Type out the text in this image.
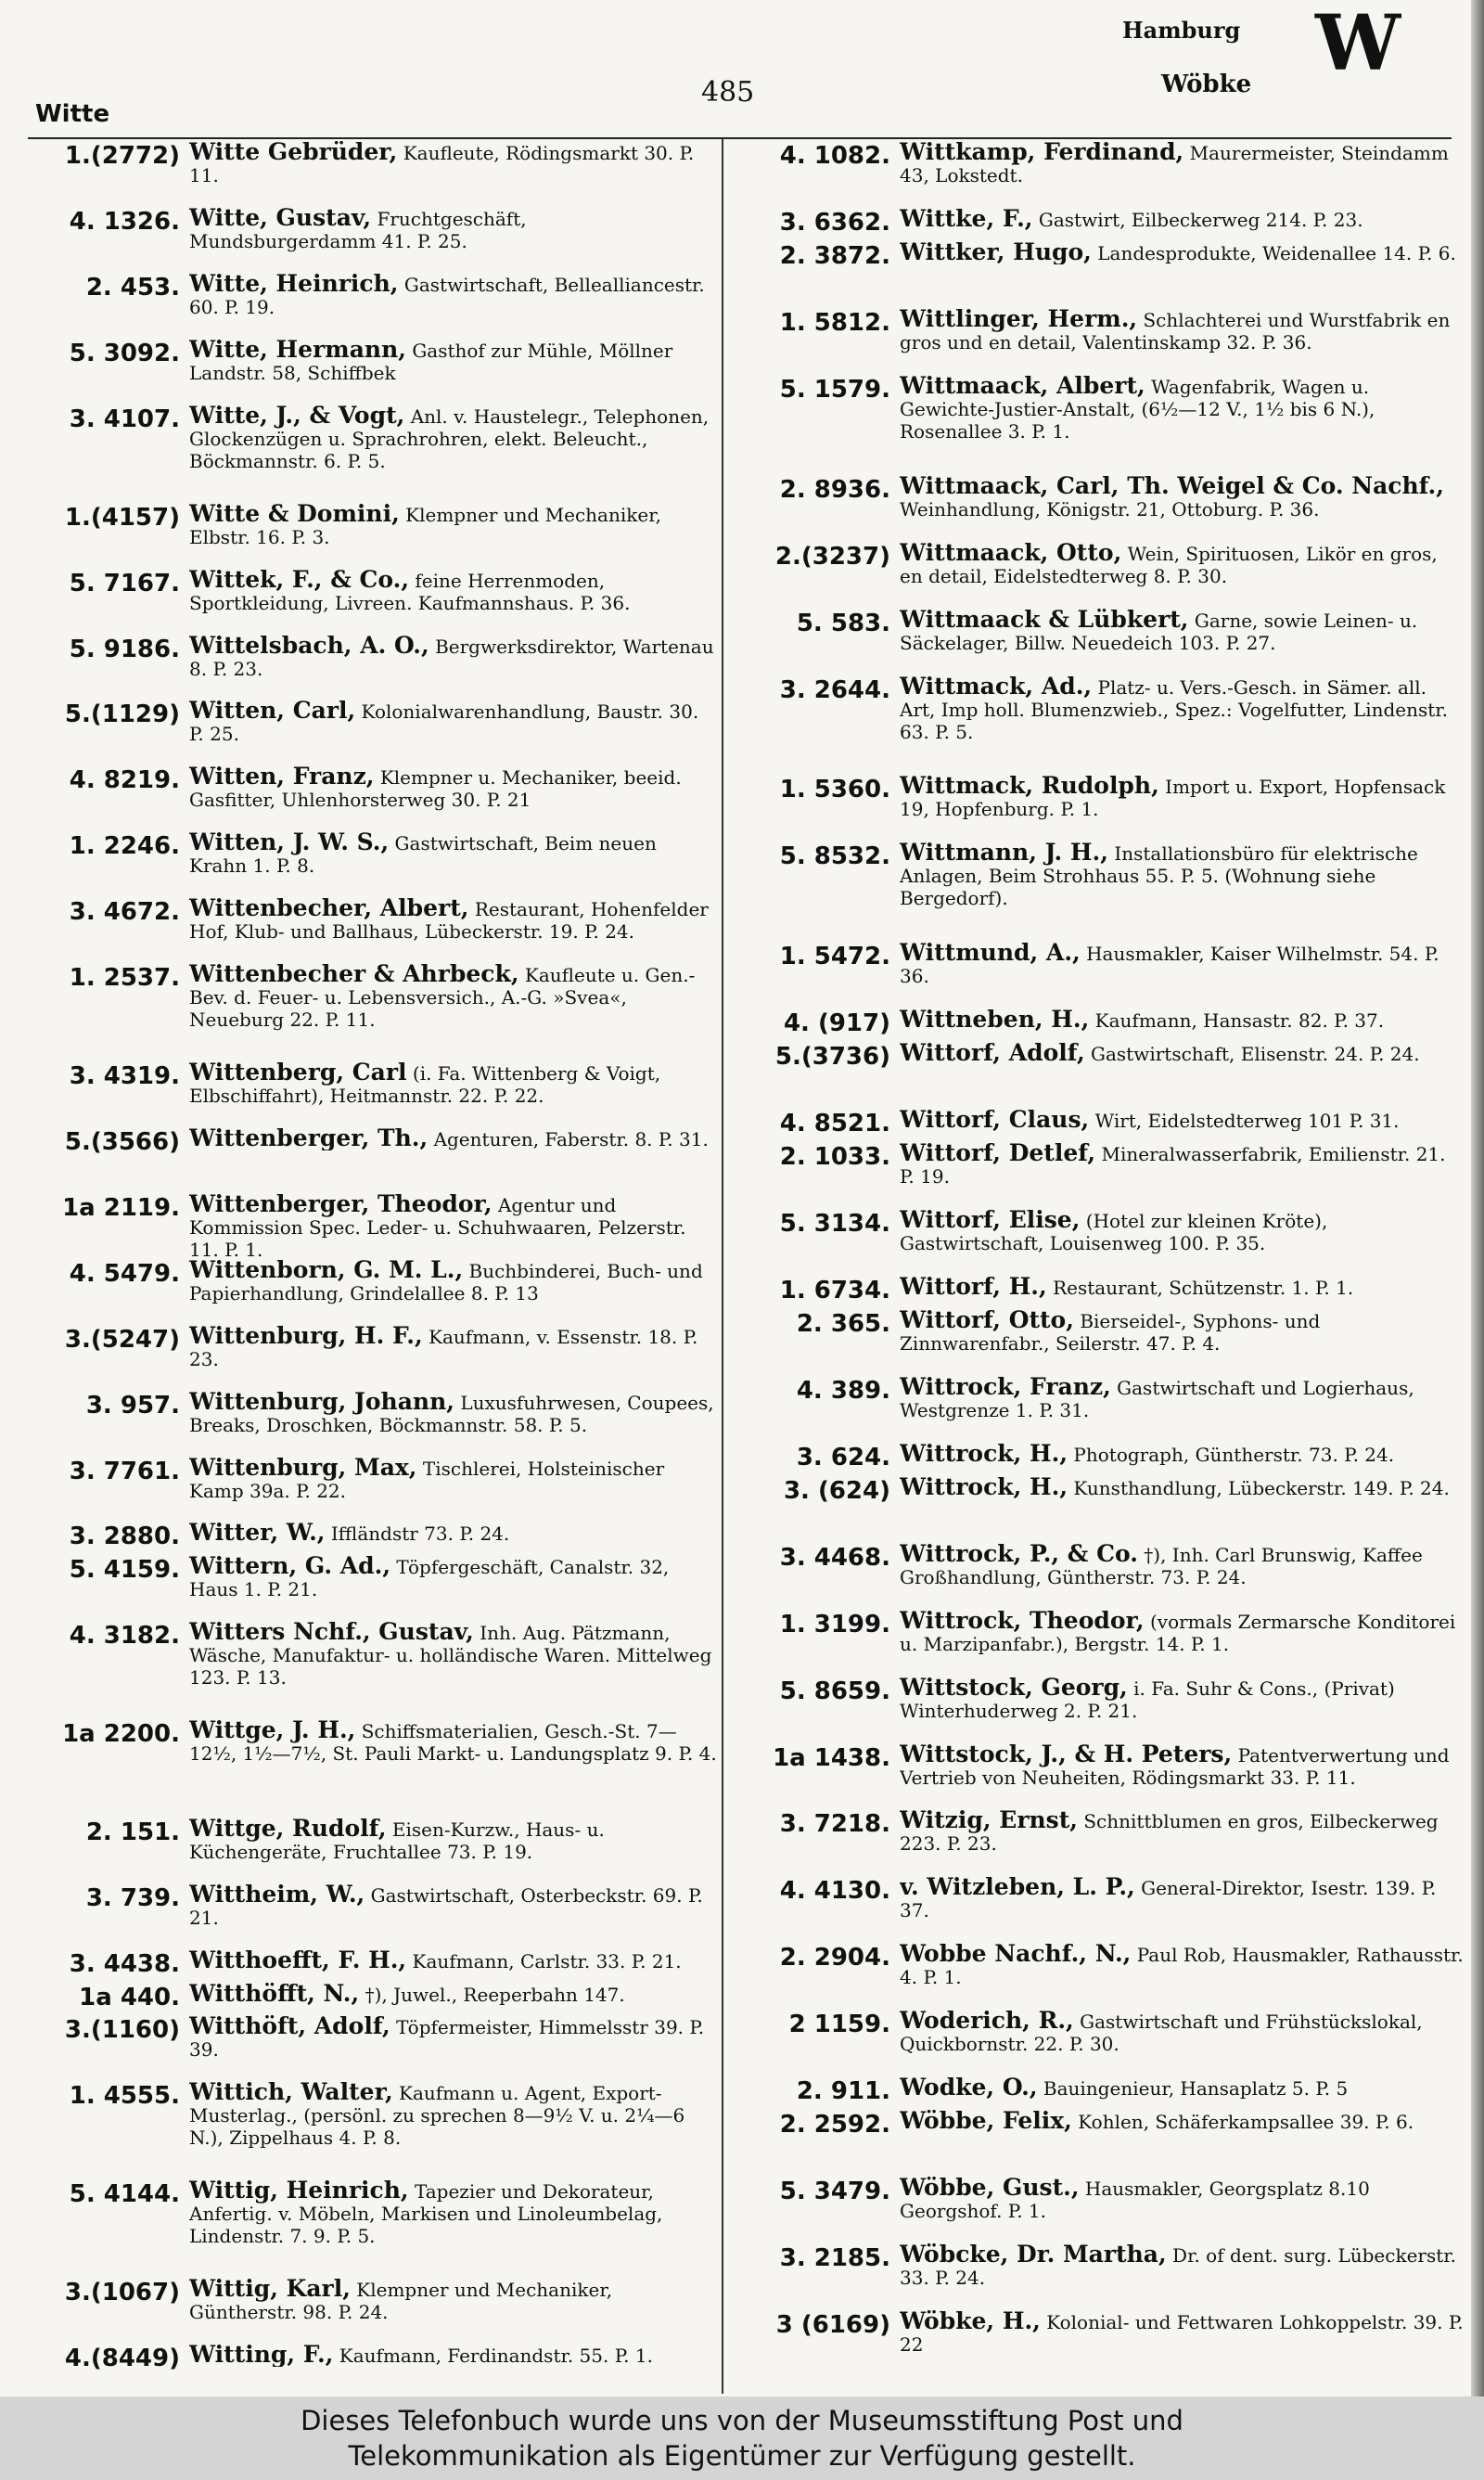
Hamburg W
485
Witte
Wöbke
1.(2772) Witte Gebrüder, Kaufleute, Rödingsmarkt 30. P. 11.
4. 1326. Witte, Gustav, Fruchtgeschäft, Mundsburgerdamm 41. P. 25.
2. 453. Witte, Heinrich, Gastwirtschaft, Bellealliancestr. 60. P. 19.
5. 3092. Witte, Hermann, Gasthof zur Mühle, Möllner Landstr. 58, Schiffbek
3. 4107. Witte, J., & Vogt, Anl. v. Haustelegr., Telephonen, Glockenzügen u. Sprachrohren, elekt. Beleucht., Böckmannstr. 6. P. 5.
1.(4157) Witte & Domini, Klempner und Mechaniker, Elbstr. 16. P. 3.
5. 7167. Wittek, F., & Co., feine Herrenmoden, Sportkleidung, Livreen. Kaufmannshaus. P. 36.
5. 9186. Wittelsbach, A. O., Bergwerksdirektor, Wartenau 8. P. 23.
5.(1129) Witten, Carl, Kolonialwarenhandlung, Baustr. 30. P. 25.
4. 8219. Witten, Franz, Klempner u. Mechaniker, beeid. Gasfitter, Uhlenhorsterweg 30. P. 21
1. 2246. Witten, J. W. S., Gastwirtschaft, Beim neuen Krahn 1. P. 8.
3. 4672. Wittenbecher, Albert, Restaurant, Hohenfelder Hof, Klub- und Ballhaus, Lübeckerstr. 19. P. 24.
1. 2537. Wittenbecher & Ahrbeck, Kaufleute u. Gen.-Bev. d. Feuer- u. Lebensversich., A.-G. »Svea«, Neueburg 22. P. 11.
3. 4319. Wittenberg, Carl (i. Fa. Wittenberg & Voigt, Elbschiffahrt), Heitmannstr. 22. P. 22.
5.(3566) Wittenberger, Th., Agenturen, Faberstr. 8. P. 31.
1a 2119. Wittenberger, Theodor, Agentur und Kommission Spec. Leder- u. Schuhwaaren, Pelzerstr. 11. P. 1.
4. 5479. Wittenborn, G. M. L., Buchbinderei, Buch- und Papierhandlung, Grindelallee 8. P. 13
3.(5247) Wittenburg, H. F., Kaufmann, v. Essenstr. 18. P. 23.
3. 957. Wittenburg, Johann, Luxusfuhrwesen, Coupees, Breaks, Droschken, Böckmannstr. 58. P. 5.
3. 7761. Wittenburg, Max, Tischlerei, Holsteinischer Kamp 39a. P. 22.
3. 2880. Witter, W., Iffländstr 73. P. 24.
5. 4159. Wittern, G. Ad., Töpfergeschäft, Canalstr. 32, Haus 1. P. 21.
4. 3182. Witters Nchf., Gustav, Inh. Aug. Pätzmann, Wäsche, Manufaktur- u. holländische Waren. Mittelweg 123. P. 13.
1a 2200. Wittge, J. H., Schiffsmaterialien, Gesch.-St. 7—12½, 1½—7½, St. Pauli Markt- u. Landungsplatz 9. P. 4.
2. 151. Wittge, Rudolf, Eisen-Kurzw., Haus- u. Küchengeräte, Fruchtallee 73. P. 19.
3. 739. Wittheim, W., Gastwirtschaft, Osterbeckstr. 69. P. 21.
3. 4438. Witthoefft, F. H., Kaufmann, Carlstr. 33. P. 21.
1a 440. Witthöfft, N., †), Juwel., Reeperbahn 147.
3.(1160) Witthöft, Adolf, Töpfermeister, Himmelsstr 39. P. 39.
1. 4555. Wittich, Walter, Kaufmann u. Agent, Export-Musterlag., (persönl. zu sprechen 8—9½ V. u. 2¼—6 N.), Zippelhaus 4. P. 8.
5. 4144. Wittig, Heinrich, Tapezier und Dekorateur, Anfertig. v. Möbeln, Markisen und Linoleumbelag, Lindenstr. 7. 9. P. 5.
3.(1067) Wittig, Karl, Klempner und Mechaniker, Güntherstr. 98. P. 24.
4.(8449) Witting, F., Kaufmann, Ferdinandstr. 55. P. 1.
4. 1082. Wittkamp, Ferdinand, Maurermeister, Steindamm 43, Lokstedt.
3. 6362. Wittke, F., Gastwirt, Eilbeckerweg 214. P. 23.
2. 3872. Wittker, Hugo, Landesprodukte, Weidenallee 14. P. 6.
1. 5812. Wittlinger, Herm., Schlachterei und Wurstfabrik en gros und en detail, Valentinskamp 32. P. 36.
5. 1579. Wittmaack, Albert, Wagenfabrik, Wagen u. Gewichte-Justier-Anstalt, (6½—12 V., 1½ bis 6 N.), Rosenallee 3. P. 1.
2. 8936. Wittmaack, Carl, Th. Weigel & Co. Nachf., Weinhandlung, Königstr. 21, Ottoburg. P. 36.
2.(3237) Wittmaack, Otto, Wein, Spirituosen, Likör en gros, en detail, Eidelstedterweg 8. P. 30.
5. 583. Wittmaack & Lübkert, Garne, sowie Leinen- u. Säckelager, Billw. Neuedeich 103. P. 27.
3. 2644. Wittmack, Ad., Platz- u. Vers.-Gesch. in Sämer. all. Art, Imp holl. Blumenzwieb., Spez.: Vogelfutter, Lindenstr. 63. P. 5.
1. 5360. Wittmack, Rudolph, Import u. Export, Hopfensack 19, Hopfenburg. P. 1.
5. 8532. Wittmann, J. H., Installationsbüro für elektrische Anlagen, Beim Strohhaus 55. P. 5. (Wohnung siehe Bergedorf).
1. 5472. Wittmund, A., Hausmakler, Kaiser Wilhelmstr. 54. P. 36.
4. (917) Wittneben, H., Kaufmann, Hansastr. 82. P. 37.
5.(3736) Wittorf, Adolf, Gastwirtschaft, Elisenstr. 24. P. 24.
4. 8521. Wittorf, Claus, Wirt, Eidelstedterweg 101 P. 31.
2. 1033. Wittorf, Detlef, Mineralwasserfabrik, Emilienstr. 21. P. 19.
5. 3134. Wittorf, Elise, (Hotel zur kleinen Kröte), Gastwirtschaft, Louisenweg 100. P. 35.
1. 6734. Wittorf, H., Restaurant, Schützenstr. 1. P. 1.
2. 365. Wittorf, Otto, Bierseidel-, Syphons- und Zinnwarenfabr., Seilerstr. 47. P. 4.
4. 389. Wittrock, Franz, Gastwirtschaft und Logierhaus, Westgrenze 1. P. 31.
3. 624. Wittrock, H., Photograph, Güntherstr. 73. P. 24.
3. (624) Wittrock, H., Kunsthandlung, Lübeckerstr. 149. P. 24.
3. 4468. Wittrock, P., & Co. †), Inh. Carl Brunswig, Kaffee Großhandlung, Güntherstr. 73. P. 24.
1. 3199. Wittrock, Theodor, (vormals Zermarsche Konditorei u. Marzipanfabr.), Bergstr. 14. P. 1.
5. 8659. Wittstock, Georg, i. Fa. Suhr & Cons., (Privat) Winterhuderweg 2. P. 21.
1a 1438. Wittstock, J., & H. Peters, Patentverwertung und Vertrieb von Neuheiten, Rödingsmarkt 33. P. 11.
3. 7218. Witzig, Ernst, Schnittblumen en gros, Eilbeckerweg 223. P. 23.
4. 4130. v. Witzleben, L. P., General-Direktor, Isestr. 139. P. 37.
2. 2904. Wobbe Nachf., N., Paul Rob, Hausmakler, Rathausstr. 4. P. 1.
2 1159. Woderich, R., Gastwirtschaft und Frühstückslokal, Quickbornstr. 22. P. 30.
2. 911. Wodke, O., Bauingenieur, Hansaplatz 5. P. 5
2. 2592. Wöbbe, Felix, Kohlen, Schäferkampsallee 39. P. 6.
5. 3479. Wöbbe, Gust., Hausmakler, Georgsplatz 8.10 Georgshof. P. 1.
3. 2185. Wöbcke, Dr. Martha, Dr. of dent. surg. Lübeckerstr. 33. P. 24.
3 (6169) Wöbke, H., Kolonial- und Fettwaren Lohkoppelstr. 39. P. 22
Dieses Telefonbuch wurde uns von der Museumsstiftung Post und
Telekommunikation als Eigentümer zur Verfügung gestellt.
